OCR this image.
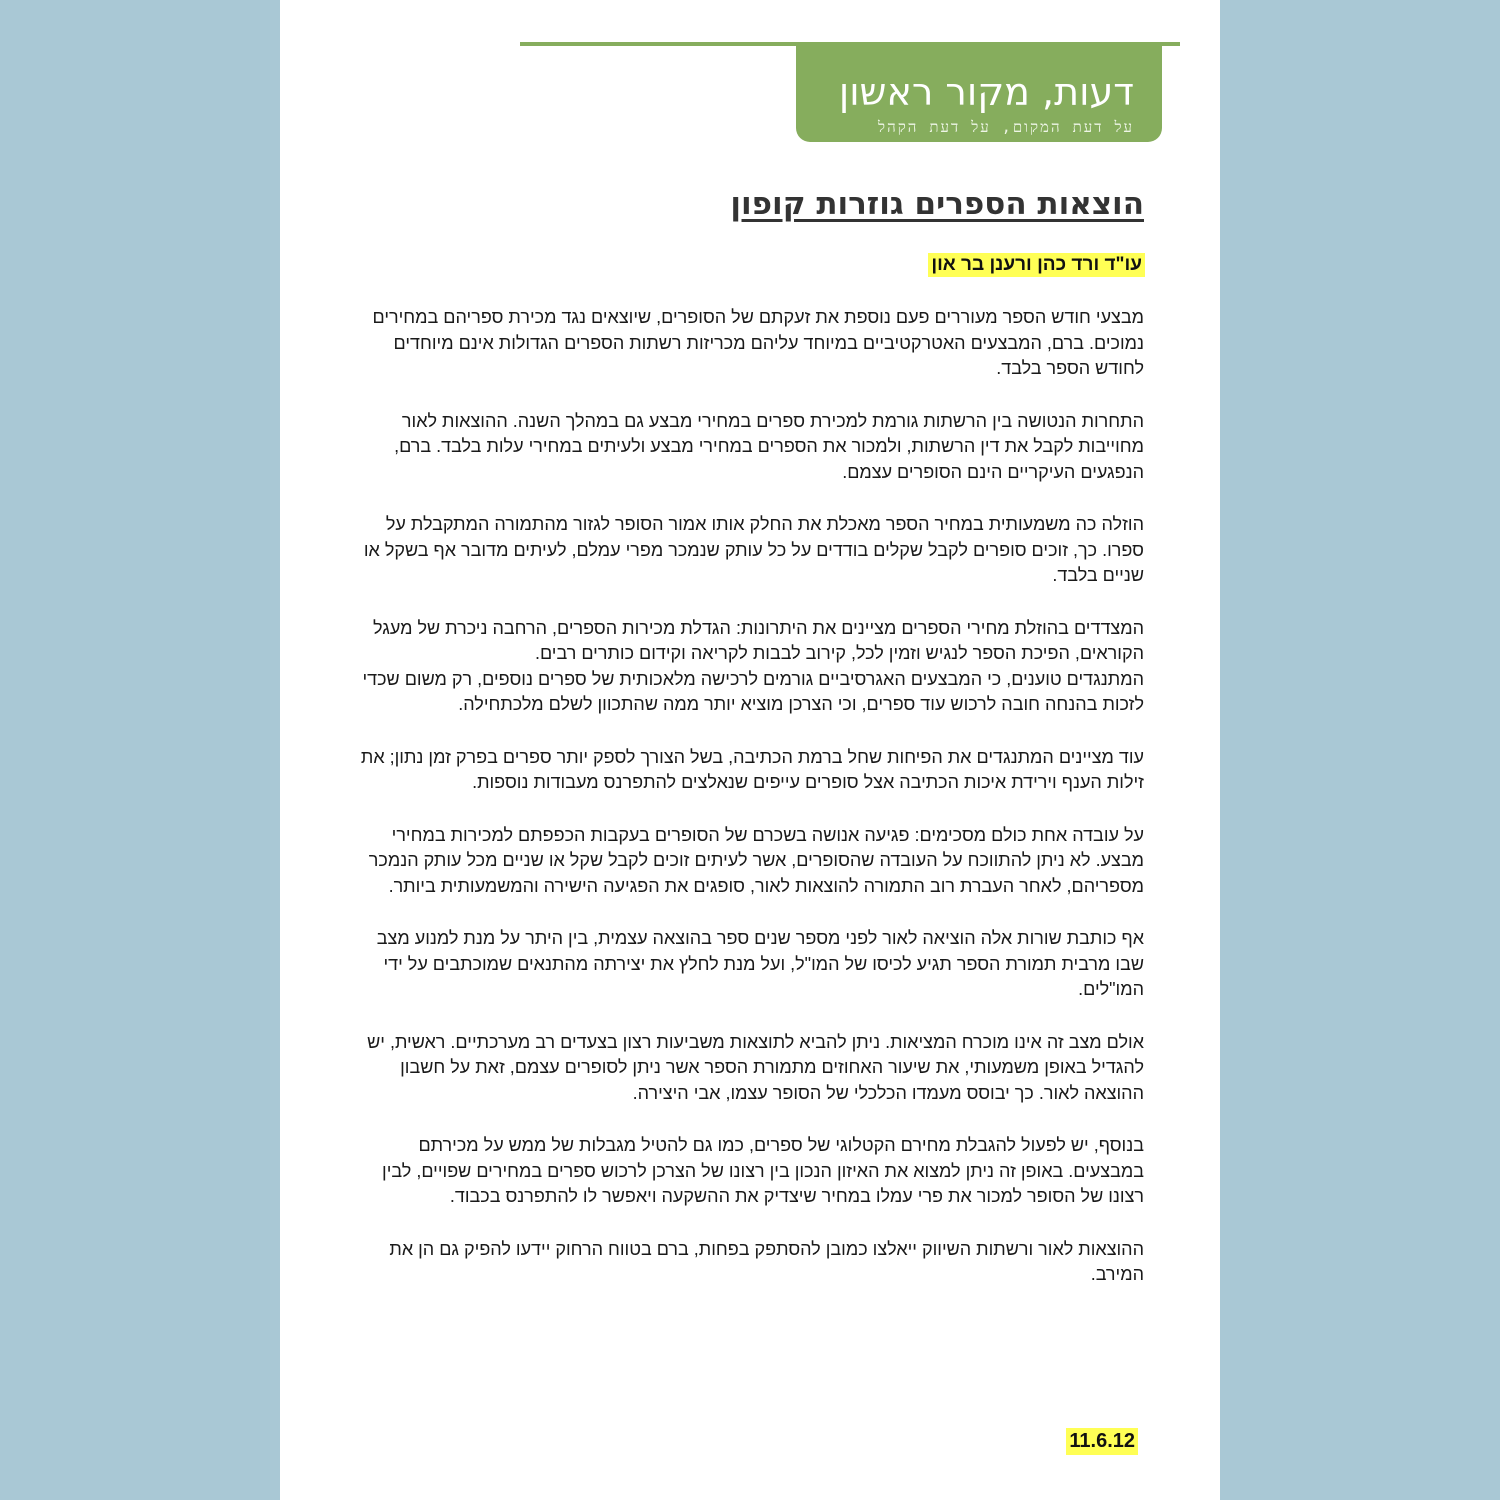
דעות, מקור ראשון
על דעת המקום, על דעת הקהל
הוצאות הספרים גוזרות קופון
עו"ד ורד כהן ורענן בר און

מבצעי חודש הספר מעוררים פעם נוספת את זעקתם של הסופרים, שיוצאים נגד מכירת ספריהם במחירים נמוכים. ברם, המבצעים האטרקטיביים במיוחד עליהם מכריזות רשתות הספרים הגדולות אינם מיוחדים לחודש הספר בלבד.

התחרות הנטושה בין הרשתות גורמת למכירת ספרים במחירי מבצע גם במהלך השנה. ההוצאות לאור מחוייבות לקבל את דין הרשתות, ולמכור את הספרים במחירי מבצע ולעיתים במחירי עלות בלבד. ברם, הנפגעים העיקריים הינם הסופרים עצמם.

הוזלה כה משמעותית במחיר הספר מאכלת את החלק אותו אמור הסופר לגזור מהתמורה המתקבלת על ספרו. כך, זוכים סופרים לקבל שקלים בודדים על כל עותק שנמכר מפרי עמלם, לעיתים מדובר אף בשקל או שניים בלבד.

המצדדים בהוזלת מחירי הספרים מציינים את היתרונות: הגדלת מכירות הספרים, הרחבה ניכרת של מעגל הקוראים, הפיכת הספר לנגיש וזמין לכל, קירוב לבבות לקריאה וקידום כותרים רבים.
המתנגדים טוענים, כי המבצעים האגרסיביים גורמים לרכישה מלאכותית של ספרים נוספים, רק משום שכדי לזכות בהנחה חובה לרכוש עוד ספרים, וכי הצרכן מוציא יותר ממה שהתכוון לשלם מלכתחילה.

עוד מציינים המתנגדים את הפיחות שחל ברמת הכתיבה, בשל הצורך לספק יותר ספרים בפרק זמן נתון; את זילות הענף וירידת איכות הכתיבה אצל סופרים עייפים שנאלצים להתפרנס מעבודות נוספות.

על עובדה אחת כולם מסכימים: פגיעה אנושה בשכרם של הסופרים בעקבות הכפפתם למכירות במחירי מבצע. לא ניתן להתווכח על העובדה שהסופרים, אשר לעיתים זוכים לקבל שקל או שניים מכל עותק הנמכר מספריהם, לאחר העברת רוב התמורה להוצאות לאור, סופגים את הפגיעה הישירה והמשמעותית ביותר.

אף כותבת שורות אלה הוציאה לאור לפני מספר שנים ספר בהוצאה עצמית, בין היתר על מנת למנוע מצב שבו מרבית תמורת הספר תגיע לכיסו של המו"ל, ועל מנת לחלץ את יצירתה מהתנאים שמוכתבים על ידי המו"לים.

אולם מצב זה אינו מוכרח המציאות. ניתן להביא לתוצאות משביעות רצון בצעדים רב מערכתיים. ראשית, יש להגדיל באופן משמעותי, את שיעור האחוזים מתמורת הספר אשר ניתן לסופרים עצמם, זאת על חשבון ההוצאה לאור. כך יבוסס מעמדו הכלכלי של הסופר עצמו, אבי היצירה.

בנוסף, יש לפעול להגבלת מחירם הקטלוגי של ספרים, כמו גם להטיל מגבלות של ממש על מכירתם במבצעים. באופן זה ניתן למצוא את האיזון הנכון בין רצונו של הצרכן לרכוש ספרים במחירים שפויים, לבין רצונו של הסופר למכור את פרי עמלו במחיר שיצדיק את ההשקעה ויאפשר לו להתפרנס בכבוד.

ההוצאות לאור ורשתות השיווק ייאלצו כמובן להסתפק בפחות, ברם בטווח הרחוק יידעו להפיק גם הן את המירב.

11.6.12
